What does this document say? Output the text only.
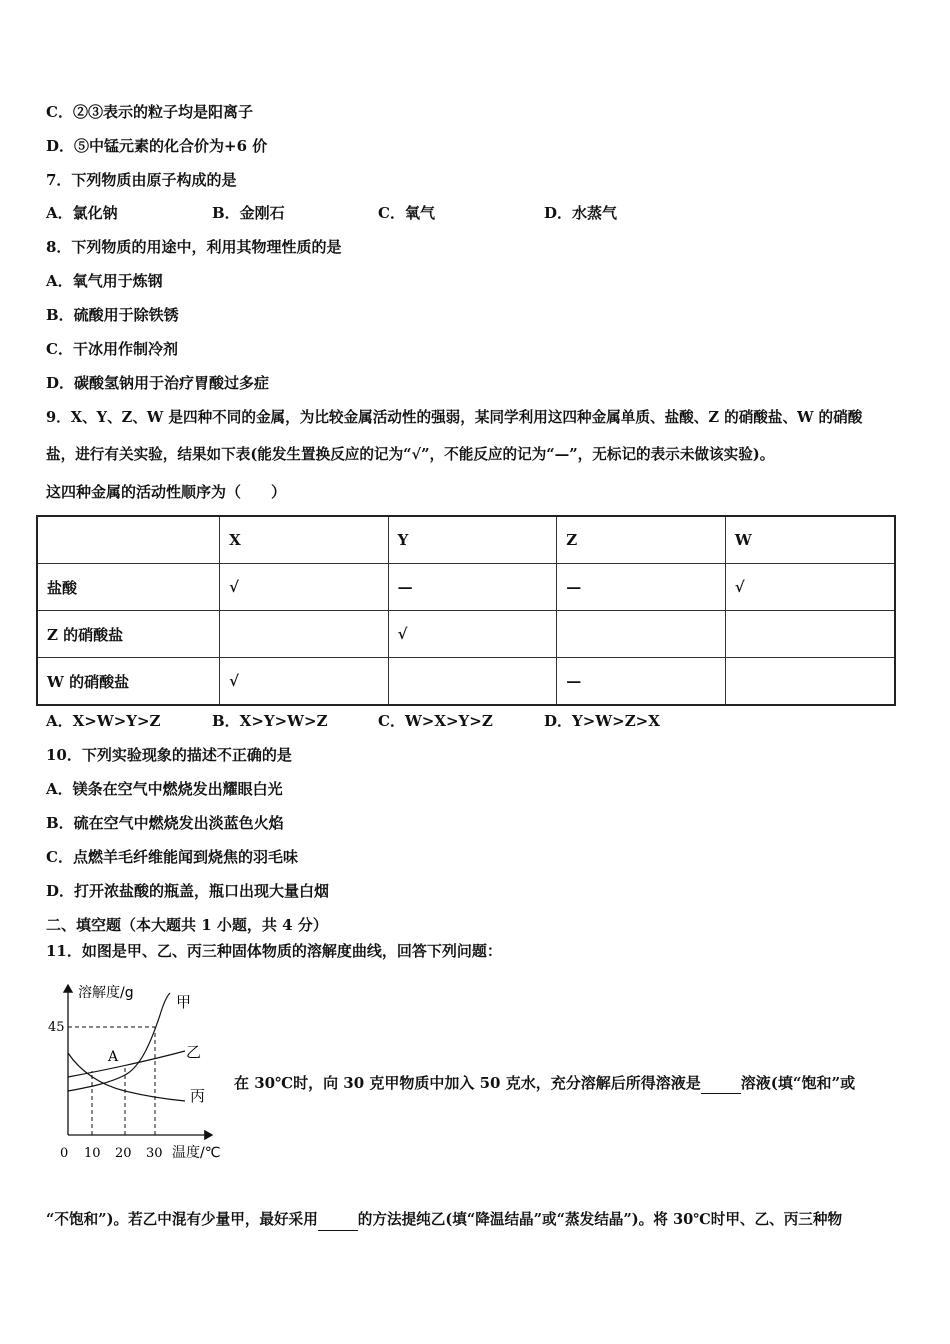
C．②③表示的粒子均是阳离子
D．⑤中锰元素的化合价为+6 价
7．下列物质由原子构成的是
A．氯化钠	B．金刚石	C．氧气	D．水蒸气
8．下列物质的用途中，利用其物理性质的是
A．氧气用于炼钢
B．硫酸用于除铁锈
C．干冰用作制冷剂
D．碳酸氢钠用于治疗胃酸过多症
9．X、Y、Z、W 是四种不同的金属，为比较金属活动性的强弱，某同学利用这四种金属单质、盐酸、Z 的硝酸盐、W 的硝酸
盐，进行有关实验，结果如下表(能发生置换反应的记为“√”，不能反应的记为“—”，无标记的表示未做该实验)。
这四种金属的活动性顺序为（　　）
	X	Y	Z	W
盐酸	√	—	—	√
Z 的硝酸盐		√		
W 的硝酸盐	√		—	
A．X>W>Y>Z	B．X>Y>W>Z	C．W>X>Y>Z	D．Y>W>Z>X
10．下列实验现象的描述不正确的是
A．镁条在空气中燃烧发出耀眼白光
B．硫在空气中燃烧发出淡蓝色火焰
C．点燃羊毛纤维能闻到烧焦的羽毛味
D．打开浓盐酸的瓶盖，瓶口出现大量白烟
二、填空题（本大题共 1 小题，共 4 分）
11．如图是甲、乙、丙三种固体物质的溶解度曲线，回答下列问题：
溶解度/g
温度/℃
45
0 10 20 30
A
甲
乙
丙
在 30℃时，向 30 克甲物质中加入 50 克水，充分溶解后所得溶液是	溶液(填“饱和”或
“不饱和”)。若乙中混有少量甲，最好采用	的方法提纯乙(填“降温结晶”或“蒸发结晶”)。将 30℃时甲、乙、丙三种物
